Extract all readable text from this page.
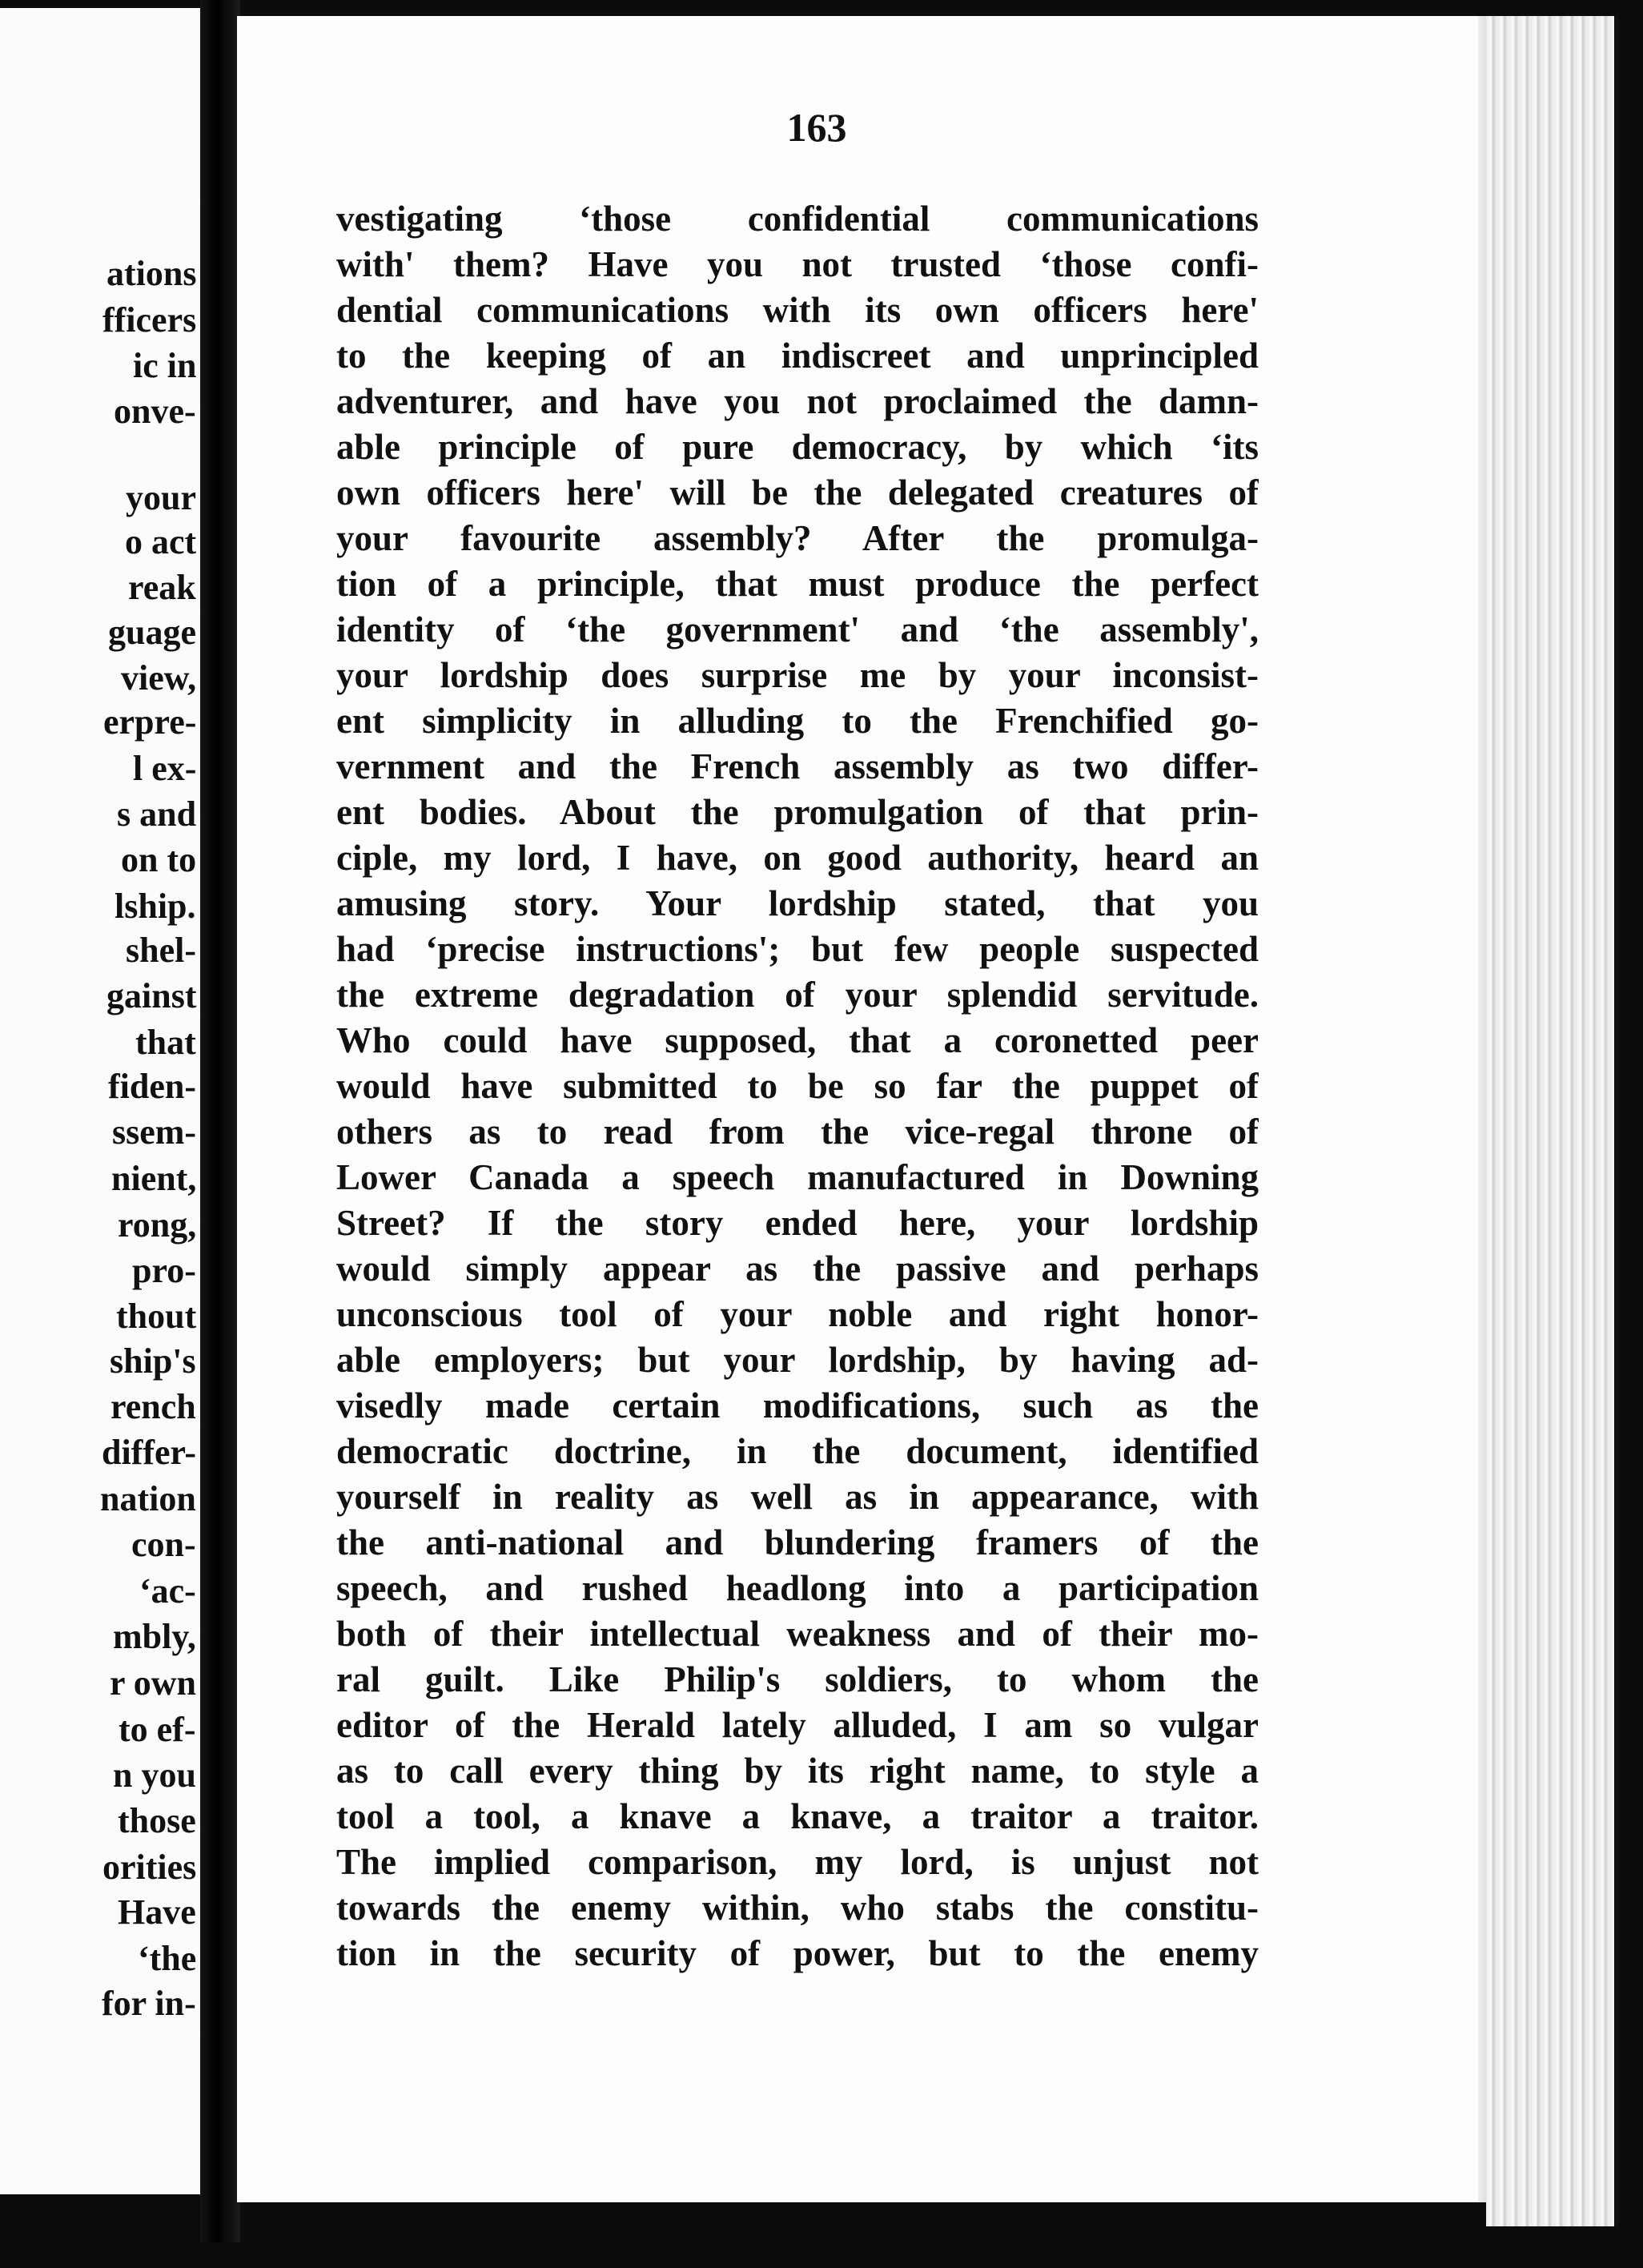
ations
fficers
ic in
onve-
your
o act
reak
guage
view,
erpre-
l ex-
s and
on to
lship.
shel-
gainst
that
fiden-
ssem-
nient,
rong,
pro-
thout
ship's
rench
differ-
nation
con-
‘ac-
mbly,
r own
to ef-
n you
those
orities
Have
‘the
for in-
163
vestigating ‘those confidential communications
with' them? Have you not trusted ‘those confi-
dential communications with its own officers here'
to the keeping of an indiscreet and unprincipled
adventurer, and have you not proclaimed the damn-
able principle of pure democracy, by which ‘its
own officers here' will be the delegated creatures of
your favourite assembly? After the promulga-
tion of a principle, that must produce the perfect
identity of ‘the government' and ‘the assembly',
your lordship does surprise me by your inconsist-
ent simplicity in alluding to the Frenchified go-
vernment and the French assembly as two differ-
ent bodies. About the promulgation of that prin-
ciple, my lord, I have, on good authority, heard an
amusing story. Your lordship stated, that you
had ‘precise instructions'; but few people suspected
the extreme degradation of your splendid servitude.
Who could have supposed, that a coronetted peer
would have submitted to be so far the puppet of
others as to read from the vice-regal throne of
Lower Canada a speech manufactured in Downing
Street? If the story ended here, your lordship
would simply appear as the passive and perhaps
unconscious tool of your noble and right honor-
able employers; but your lordship, by having ad-
visedly made certain modifications, such as the
democratic doctrine, in the document, identified
yourself in reality as well as in appearance, with
the anti-national and blundering framers of the
speech, and rushed headlong into a participation
both of their intellectual weakness and of their mo-
ral guilt. Like Philip's soldiers, to whom the
editor of the Herald lately alluded, I am so vulgar
as to call every thing by its right name, to style a
tool a tool, a knave a knave, a traitor a traitor.
The implied comparison, my lord, is unjust not
towards the enemy within, who stabs the constitu-
tion in the security of power, but to the enemy
